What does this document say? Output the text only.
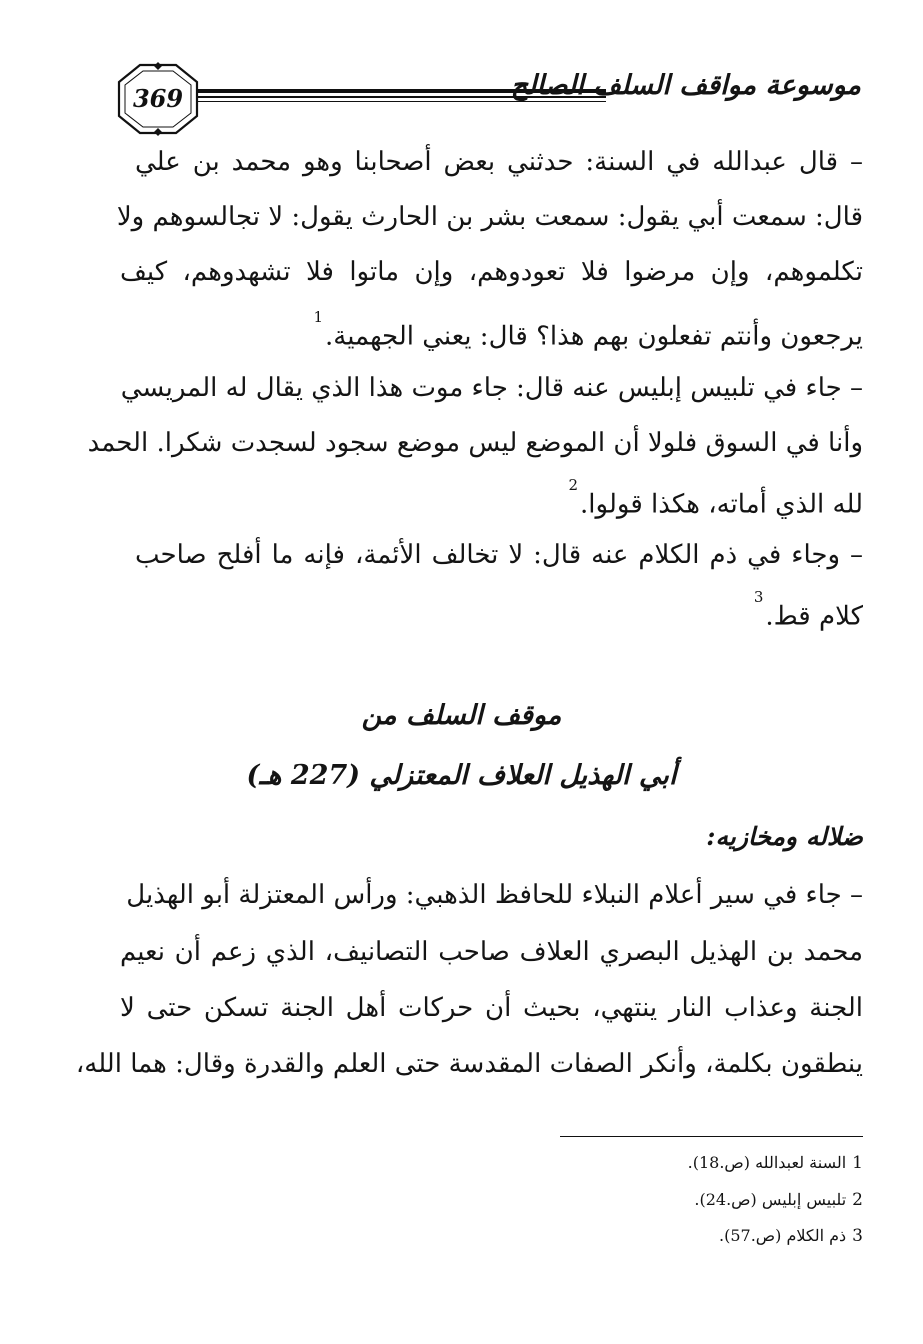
369	موسوعة مواقف السلف الصالح
– قال عبدالله في السنة: حدثني بعض أصحابنا وهو محمد بن علي
قال: سمعت أبي يقول: سمعت بشر بن الحارث يقول: لا تجالسوهم ولا
تكلموهم، وإن مرضوا فلا تعودوهم، وإن ماتوا فلا تشهدوهم، كيف
يرجعون وأنتم تفعلون بهم هذا؟ قال: يعني الجهمية.$^1$
– جاء في تلبيس إبليس عنه قال: جاء موت هذا الذي يقال له المريسي
وأنا في السوق فلولا أن الموضع ليس موضع سجود لسجدت شكرا. الحمد
لله الذي أماته، هكذا قولوا.$^2$
– وجاء في ذم الكلام عنه قال: لا تخالف الأئمة، فإنه ما أفلح صاحب
كلام قط.$^3$
موقف السلف من
أبي الهذيل العلاف المعتزلي (227 هـ)
ضلاله ومخازيه:
– جاء في سير أعلام النبلاء للحافظ الذهبي: ورأس المعتزلة أبو الهذيل
محمد بن الهذيل البصري العلاف صاحب التصانيف، الذي زعم أن نعيم
الجنة وعذاب النار ينتهي، بحيث أن حركات أهل الجنة تسكن حتى لا
ينطقون بكلمة، وأنكر الصفات المقدسة حتى العلم والقدرة وقال: هما الله،
1السنة لعبدالله (ص.18).
2تلبيس إبليس (ص.24).
3ذم الكلام (ص.57).
